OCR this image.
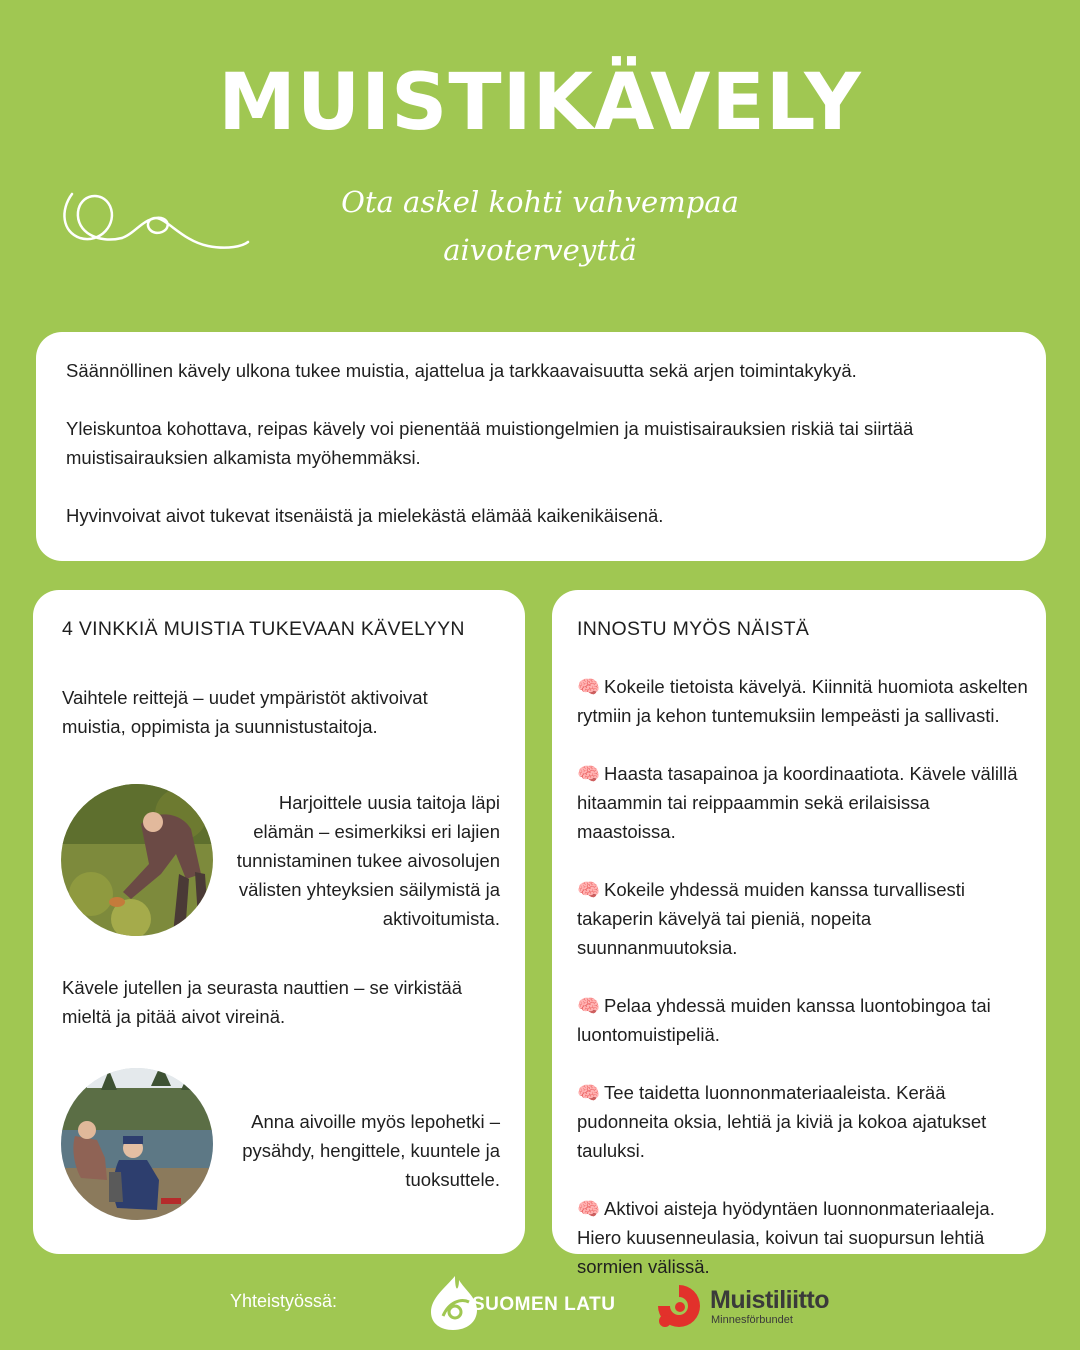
MUISTIKÄVELY
Ota askel kohti vahvempaa
aivoterveyttä

Säännöllinen kävely ulkona tukee muistia, ajattelua ja tarkkaavaisuutta sekä arjen toimintakykyä.

Yleiskuntoa kohottava, reipas kävely voi pienentää muistiongelmien ja muistisairauksien riskiä tai siirtää muistisairauksien alkamista myöhemmäksi.

Hyvinvoivat aivot tukevat itsenäistä ja mielekästä elämää kaikenikäisenä.

4 VINKKIÄ MUISTIA TUKEVAAN KÄVELYYN

Vaihtele reittejä – uudet ympäristöt aktivoivat muistia, oppimista ja suunnistustaitoja.

Harjoittele uusia taitoja läpi elämän – esimerkiksi eri lajien tunnistaminen tukee aivosolujen välisten yhteyksien säilymistä ja aktivoitumista.

Kävele jutellen ja seurasta nauttien – se virkistää mieltä ja pitää aivot vireinä.

Anna aivoille myös lepohetki – pysähdy, hengittele, kuuntele ja tuoksuttele.

INNOSTU MYÖS NÄISTÄ
🧠 Kokeile tietoista kävelyä. Kiinnitä huomiota askelten rytmiin ja kehon tuntemuksiin lempeästi ja sallivasti.
🧠 Haasta tasapainoa ja koordinaatiota. Kävele välillä hitaammin tai reippaammin sekä erilaisissa maastoissa.
🧠 Kokeile yhdessä muiden kanssa turvallisesti takaperin kävelyä tai pieniä, nopeita suunnanmuutoksia.
🧠 Pelaa yhdessä muiden kanssa luontobingoa tai luontomuistipeliä.
🧠 Tee taidetta luonnonmateriaaleista. Kerää pudonneita oksia, lehtiä ja kiviä ja kokoa ajatukset tauluksi.
🧠 Aktivoi aisteja hyödyntäen luonnonmateriaaleja. Hiero kuusenneulasia, koivun tai suopursun lehtiä sormien välissä.
Yhteistyössä:	SUOMEN LATU	Muistiliitto
Minnesförbundet
